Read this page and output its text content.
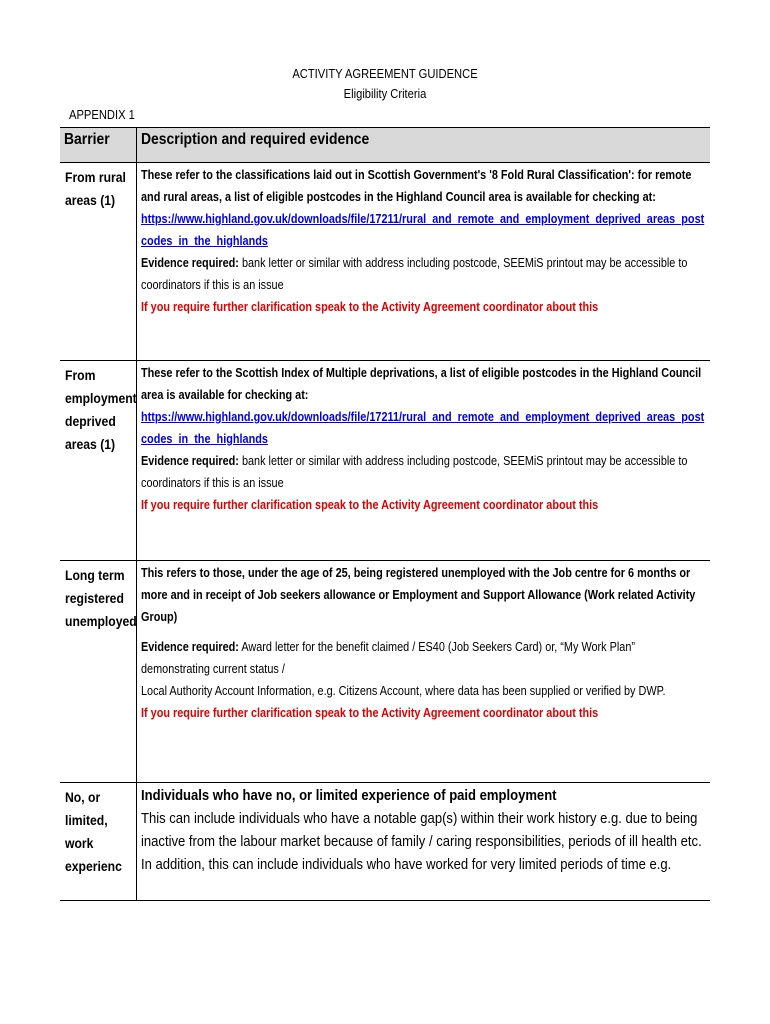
ACTIVITY AGREEMENT GUIDENCE
Eligibility Criteria
APPENDIX 1
Barrier	Description and required evidence
From rural areas (1)	These refer to the classifications laid out in Scottish Government's '8 Fold Rural Classification': for remote and rural areas, a list of eligible postcodes in the Highland Council area is available for checking at:
https://www.highland.gov.uk/downloads/file/17211/rural_and_remote_and_employment_deprived_areas_postcodes_in_the_highlands
Evidence required: bank letter or similar with address including postcode, SEEMiS printout may be accessible to coordinators if this is an issue
If you require further clarification speak to the Activity Agreement coordinator about this
From employment deprived areas (1)	These refer to the Scottish Index of Multiple deprivations, a list of eligible postcodes in the Highland Council area is available for checking at:
https://www.highland.gov.uk/downloads/file/17211/rural_and_remote_and_employment_deprived_areas_postcodes_in_the_highlands
Evidence required: bank letter or similar with address including postcode, SEEMiS printout may be accessible to coordinators if this is an issue
If you require further clarification speak to the Activity Agreement coordinator about this
Long term registered unemployed	This refers to those, under the age of 25, being registered unemployed with the Job centre for 6 months or more and in receipt of Job seekers allowance or Employment and Support Allowance (Work related Activity Group)
Evidence required: Award letter for the benefit claimed / ES40 (Job Seekers Card) or, “My Work Plan” demonstrating current status /
Local Authority Account Information, e.g. Citizens Account, where data has been supplied or verified by DWP.
If you require further clarification speak to the Activity Agreement coordinator about this
No, or limited, work experienc	Individuals who have no, or limited experience of paid employment
This can include individuals who have a notable gap(s) within their work history e.g. due to being inactive from the labour market because of family / caring responsibilities, periods of ill health etc.
In addition, this can include individuals who have worked for very limited periods of time e.g.
